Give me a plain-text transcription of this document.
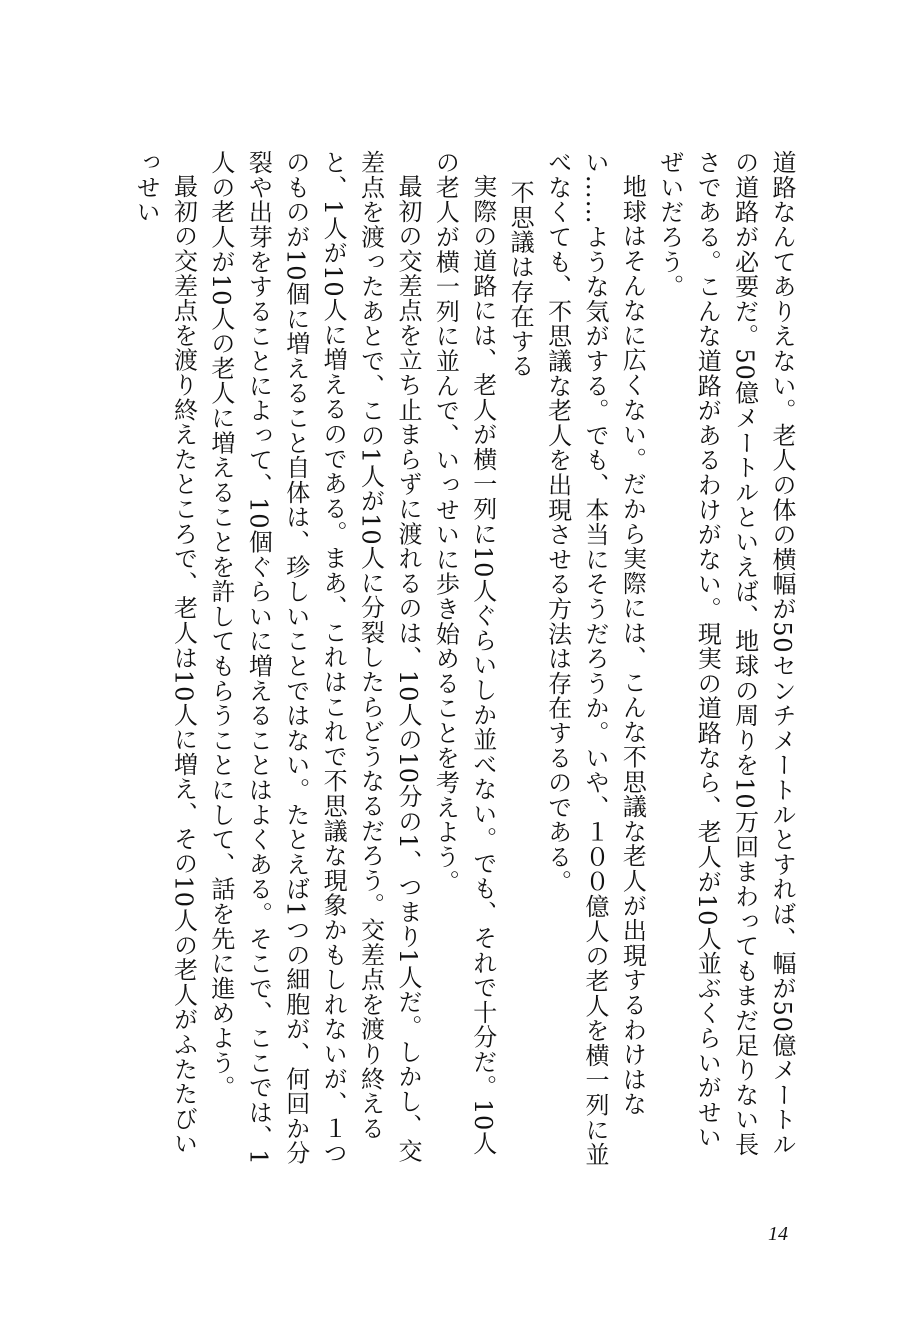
道路なんてありえない。老人の体の横幅が50センチメートルとすれば、幅が50億メートルの道路が必要だ。50億メートルといえば、地球の周りを10万回まわってもまだ足りない長さである。こんな道路があるわけがない。現実の道路なら、老人が10人並ぶくらいがせいぜいだろう。

地球はそんなに広くない。だから実際には、こんな不思議な老人が出現するわけはない……ような気がする。でも、本当にそうだろうか。いや、１００億人の老人を横一列に並べなくても、不思議な老人を出現させる方法は存在するのである。

不思議は存在する

実際の道路には、老人が横一列に10人ぐらいしか並べない。でも、それで十分だ。10人の老人が横一列に並んで、いっせいに歩き始めることを考えよう。

最初の交差点を立ち止まらずに渡れるのは、10人の10分の1、つまり1人だ。しかし、交差点を渡ったあとで、この1人が10人に分裂したらどうなるだろう。交差点を渡り終えると、1人が10人に増えるのである。まあ、これはこれで不思議な現象かもしれないが、１つのものが10個に増えること自体は、珍しいことではない。たとえば1つの細胞が、何回か分裂や出芽をすることによって、10個ぐらいに増えることはよくある。そこで、ここでは、1人の老人が10人の老人に増えることを許してもらうことにして、話を先に進めよう。

最初の交差点を渡り終えたところで、老人は10人に増え、その10人の老人がふたたびいっせい

14
